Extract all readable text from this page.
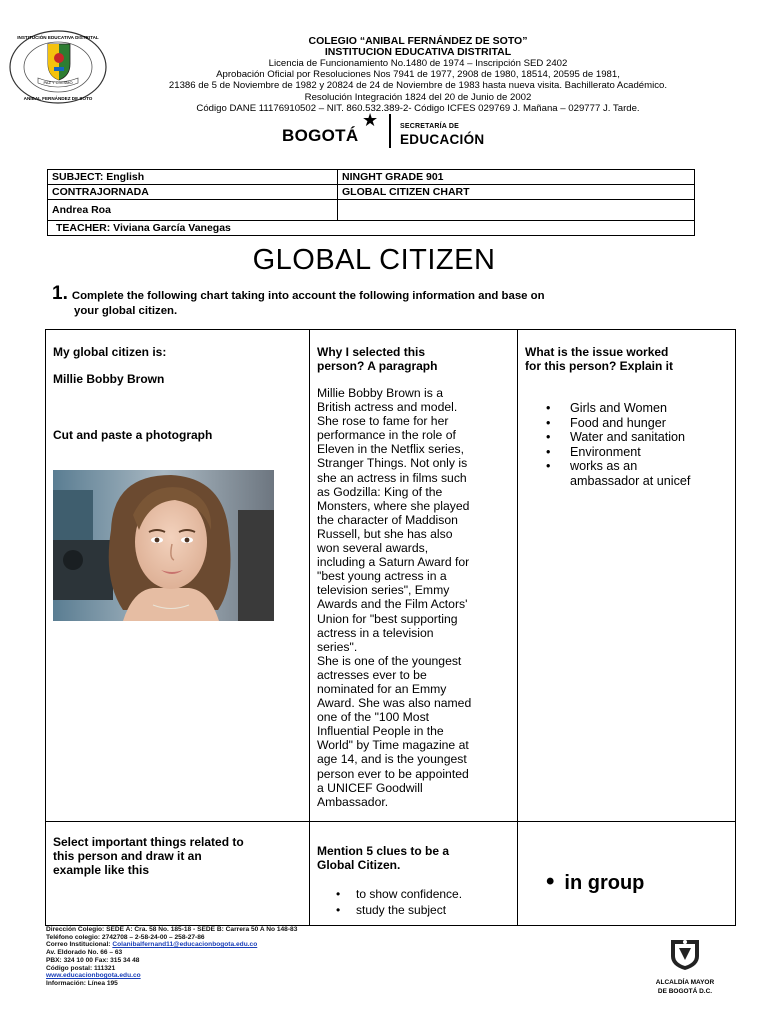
PAZ Y CIVISMO
INSTITUCIÓN EDUCATIVA DISTRITAL
ANIBAL FERNÁNDEZ DE SOTO
COLEGIO “ANIBAL FERNÁNDEZ DE SOTO”
INSTITUCION EDUCATIVA DISTRITAL
Licencia de Funcionamiento No.1480 de 1974 – Inscripción SED 2402
Aprobación Oficial por Resoluciones Nos 7941 de 1977, 2908 de 1980, 18514, 20595 de 1981,
21386 de 5 de Noviembre de 1982 y 20824 de 24 de Noviembre de 1983 hasta nueva visita. Bachillerato Académico.
Resolución Integración 1824 del 20 de Junio de 2002
Código DANE 11176910502 – NIT. 860.532.389-2- Código ICFES 029769 J. Mañana – 029777 J. Tarde.
BOGOTÁ
★	SECRETARÍA DE
EDUCACIÓN
SUBJECT: English	NINGHT GRADE 901
CONTRAJORNADA	GLOBAL CITIZEN CHART
Andrea Roa	
TEACHER: Viviana García Vanegas	
GLOBAL CITIZEN
1. Complete the following chart taking into account the following information and base on
your global citizen.
My global citizen is:
Millie Bobby Brown
Cut and paste a photograph
Why I selected this
person? A paragraph
Millie Bobby Brown is a
British actress and model.
She rose to fame for her
performance in the role of
Eleven in the Netflix series,
Stranger Things. Not only is
she an actress in films such
as Godzilla: King of the
Monsters, where she played
the character of Maddison
Russell, but she has also
won several awards,
including a Saturn Award for
"best young actress in a
television series", Emmy
Awards and the Film Actors'
Union for "best supporting
actress in a television
series".
She is one of the youngest
actresses ever to be
nominated for an Emmy
Award. She was also named
one of the "100 Most
Influential People in the
World" by Time magazine at
age 14, and is the youngest
person ever to be appointed
a UNICEF Goodwill
Ambassador.
What is the issue worked
for this person? Explain it
• Girls and Women
• Food and hunger
• Water and sanitation
• Environment
• works as an
ambassador at unicef
Select important things related to
this person and draw it an
example like this
Mention 5 clues to be a
Global Citizen.
• to show confidence.
• study the subject
• in group
Dirección Colegio: SEDE A: Cra. 58 No. 185-18 - SEDE B: Carrera 50 A No 148-83
Teléfono colegio: 2742708 – 2-58-24-00 – 258-27-86
Correo Institucional: Colanibalfernand11@educacionbogota.edu.co
Av. Eldorado No. 66 – 63
PBX: 324 10 00 Fax: 315 34 48
Código postal: 111321
www.educacionbogota.edu.co
Información: Línea 195	ALCALDÍA MAYOR
DE BOGOTÁ D.C.
